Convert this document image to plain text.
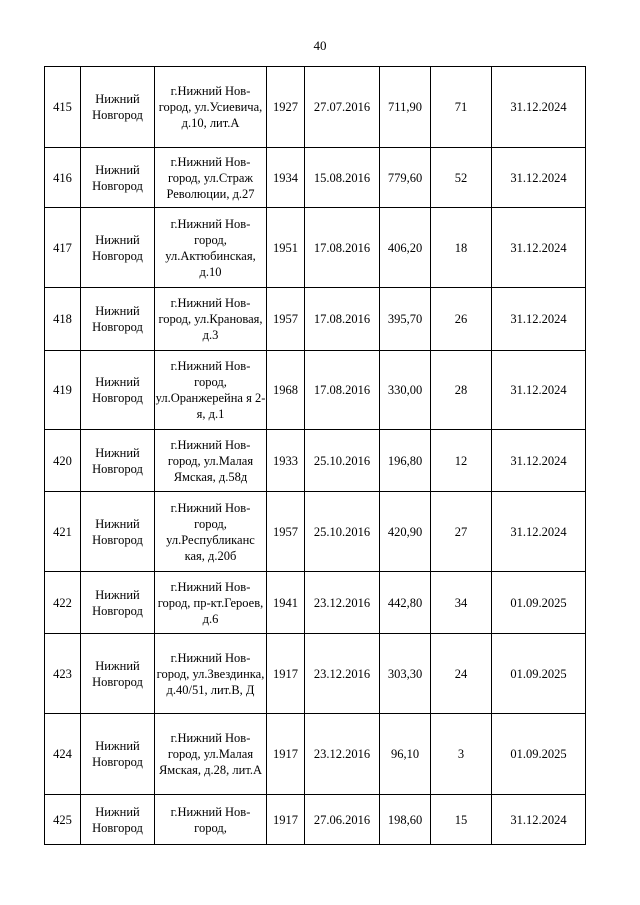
40
415	Нижний Новгород	г.Нижний Нов-город, ул.Усиевича, д.10, лит.А	1927	27.07.2016	711,90	71	31.12.2024
416	Нижний Новгород	г.Нижний Нов-город, ул.Страж Революции, д.27	1934	15.08.2016	779,60	52	31.12.2024
417	Нижний Новгород	г.Нижний Нов-город, ул.Актюбинская, д.10	1951	17.08.2016	406,20	18	31.12.2024
418	Нижний Новгород	г.Нижний Нов-город, ул.Крановая, д.3	1957	17.08.2016	395,70	26	31.12.2024
419	Нижний Новгород	г.Нижний Нов-город, ул.Оранжерейна я 2-я, д.1	1968	17.08.2016	330,00	28	31.12.2024
420	Нижний Новгород	г.Нижний Нов-город, ул.Малая Ямская, д.58д	1933	25.10.2016	196,80	12	31.12.2024
421	Нижний Новгород	г.Нижний Нов-город, ул.Республиканс кая, д.20б	1957	25.10.2016	420,90	27	31.12.2024
422	Нижний Новгород	г.Нижний Нов-город, пр-кт.Героев, д.6	1941	23.12.2016	442,80	34	01.09.2025
423	Нижний Новгород	г.Нижний Нов-город, ул.Звездинка, д.40/51, лит.В, Д	1917	23.12.2016	303,30	24	01.09.2025
424	Нижний Новгород	г.Нижний Нов-город, ул.Малая Ямская, д.28, лит.А	1917	23.12.2016	96,10	3	01.09.2025
425	Нижний Новгород	г.Нижний Нов-город,	1917	27.06.2016	198,60	15	31.12.2024
